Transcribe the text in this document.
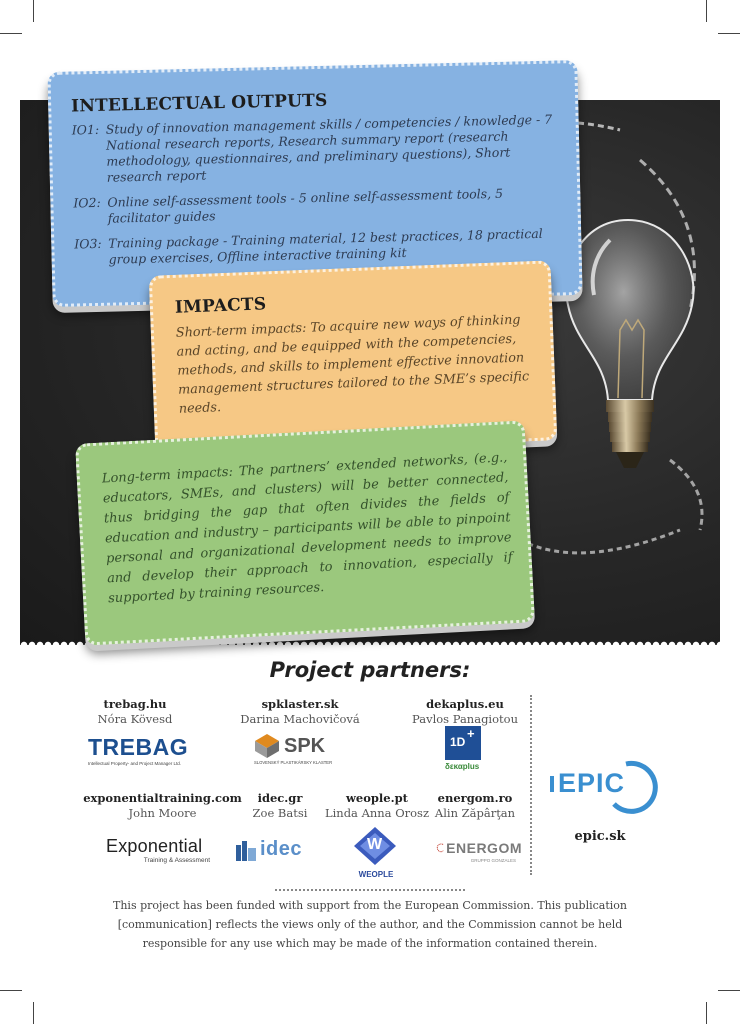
INTELLECTUAL OUTPUTS
IO1: Study of innovation management skills / competencies / knowledge - 7 National research reports, Research summary report (research methodology, questionnaires, and preliminary questions), Short research report
IO2: Online self-assessment tools - 5 online self-assessment tools, 5 facilitator guides
IO3: Training package - Training material, 12 best practices, 18 practical group exercises, Offline interactive training kit
IMPACTS

Short-term impacts: To acquire new ways of thinking and acting, and be equipped with the competencies, methods, and skills to implement effective innovation management structures tailored to the SME’s specific needs.

Long-term impacts: The partners’ extended networks, (e.g., educators, SMEs, and clusters) will be better connected, thus bridging the gap that often divides the fields of education and industry – participants will be able to pinpoint personal and organizational development needs to improve and develop their approach to innovation, especially if supported by training resources.

Project partners:
trebag.hu
Nóra Kövesd
spklaster.sk
Darina Machovičová
dekaplus.eu
Pavlos Panagiotou
exponentialtraining.com
John Moore
idec.gr
Zoe Batsi
weople.pt
Linda Anna Orosz
energom.ro
Alin Zăpârţan
TREBAG
Intellectual Property- and Project Manager Ltd.
SPK
SLOVENSKÝ PLASTIKÁRSKY KLASTER
1D
+
δεκαplus
Exponential
Training & Assessment
idec	W
WEOPLE
ENERGOM
GRUPPO GONZALES
EPIC
epic.sk
This project has been funded with support from the European Commission. This publication [communication] reflects the views only of the author, and the Commission cannot be held responsible for any use which may be made of the information contained therein.
